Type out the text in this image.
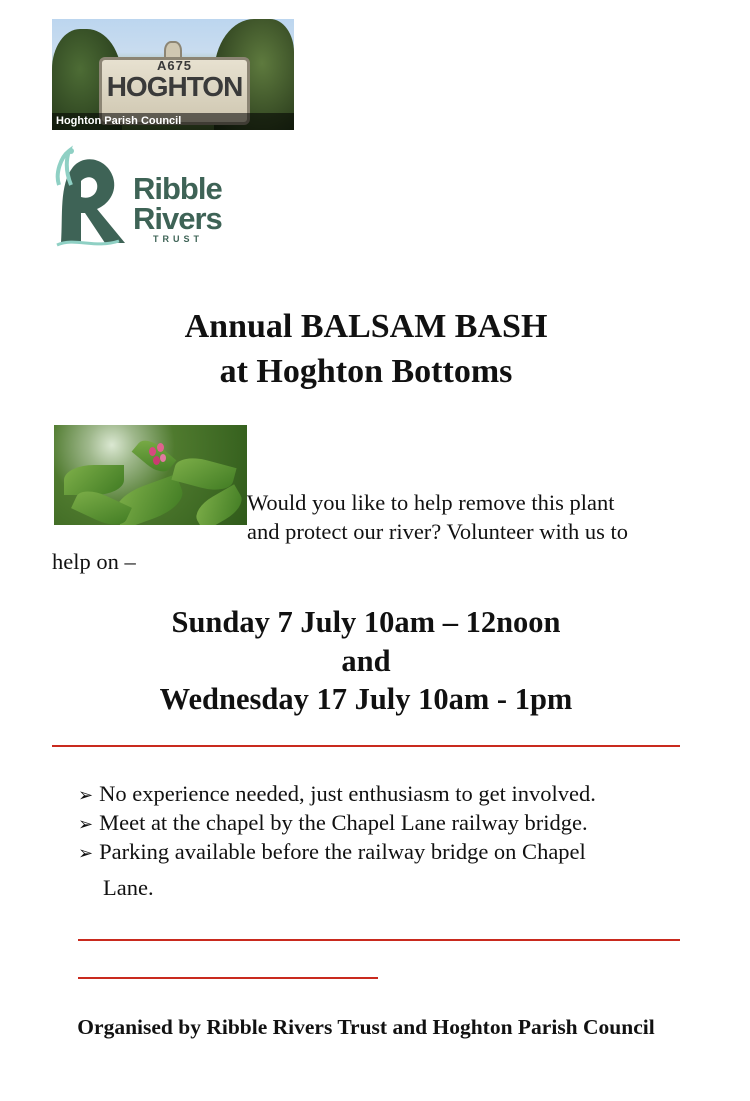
A675
HOGHTON
Hoghton Parish Council
Ribble
Rivers
TRUST
Annual BALSAM BASH
at Hoghton Bottoms
Would you like to help remove this plant
and protect our river? Volunteer with us to
help on –
Sunday 7 July 10am – 12noon
and
Wednesday 17 July 10am - 1pm
➢ No experience needed, just enthusiasm to get involved.
➢ Meet at the chapel by the Chapel Lane railway bridge.
➢ Parking available before the railway bridge on Chapel
Lane.
Organised by Ribble Rivers Trust and Hoghton Parish Council
